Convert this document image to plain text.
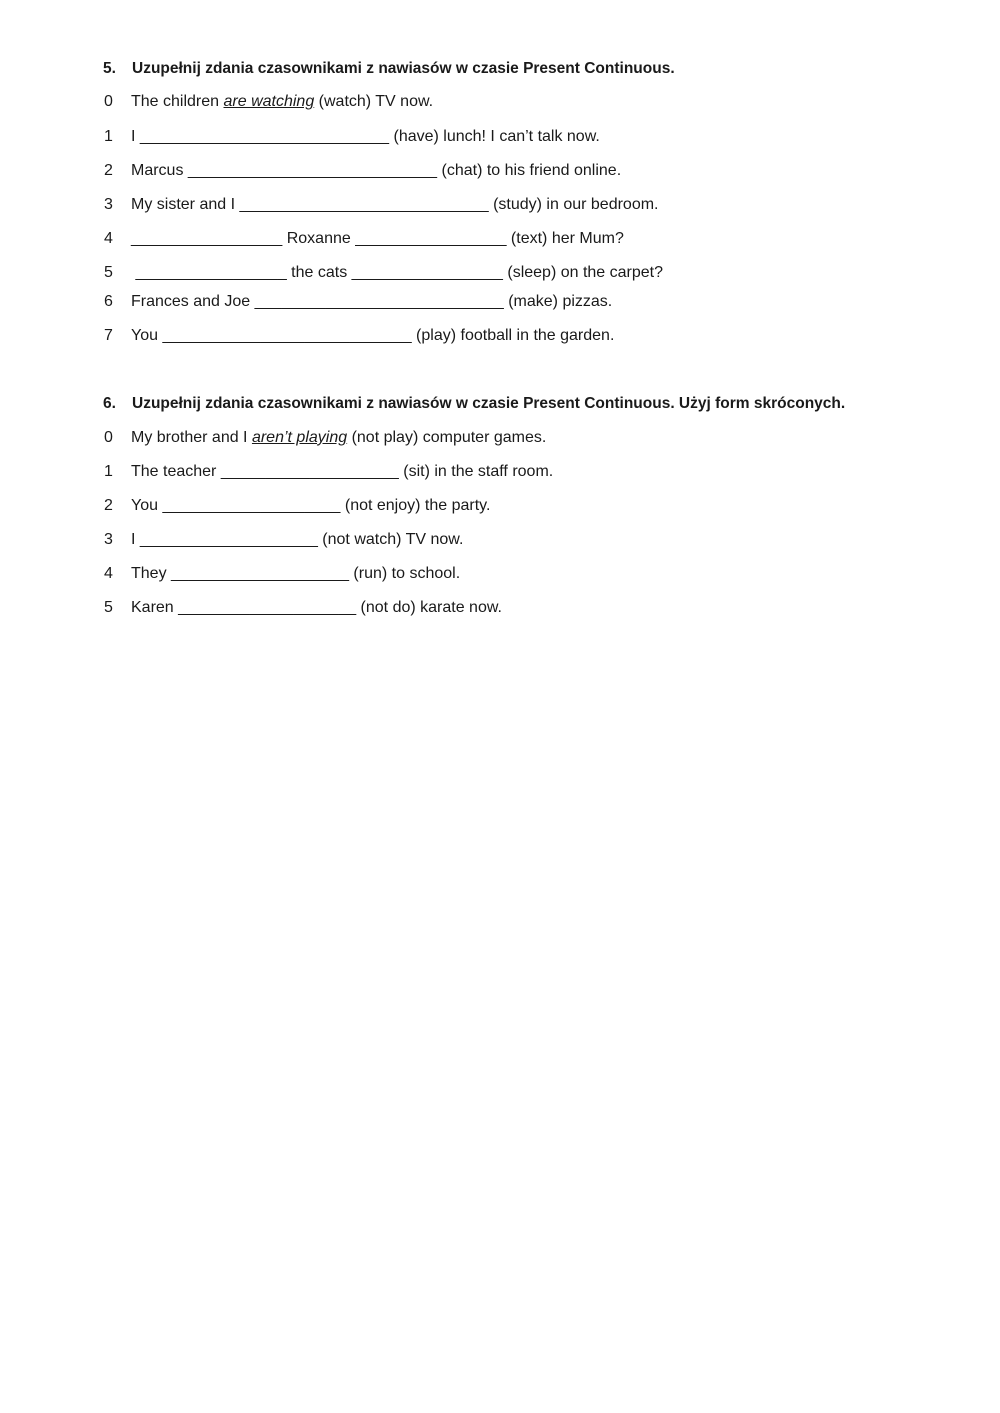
5. Uzupełnij zdania czasownikami z nawiasów w czasie Present Continuous.
0 The children are watching (watch) TV now.
1 I ____________________________ (have) lunch! I can’t talk now.
2 Marcus ____________________________ (chat) to his friend online.
3 My sister and I ____________________________ (study) in our bedroom.
4 _________________ Roxanne _________________ (text) her Mum?
5 _________________ the cats _________________ (sleep) on the carpet?
6 Frances and Joe ____________________________ (make) pizzas.
7 You ____________________________ (play) football in the garden.
6. Uzupełnij zdania czasownikami z nawiasów w czasie Present Continuous. Użyj form skróconych.
0 My brother and I aren’t playing (not play) computer games.
1 The teacher ____________________ (sit) in the staff room.
2 You ____________________ (not enjoy) the party.
3 I ____________________ (not watch) TV now.
4 They ____________________ (run) to school.
5 Karen ____________________ (not do) karate now.
